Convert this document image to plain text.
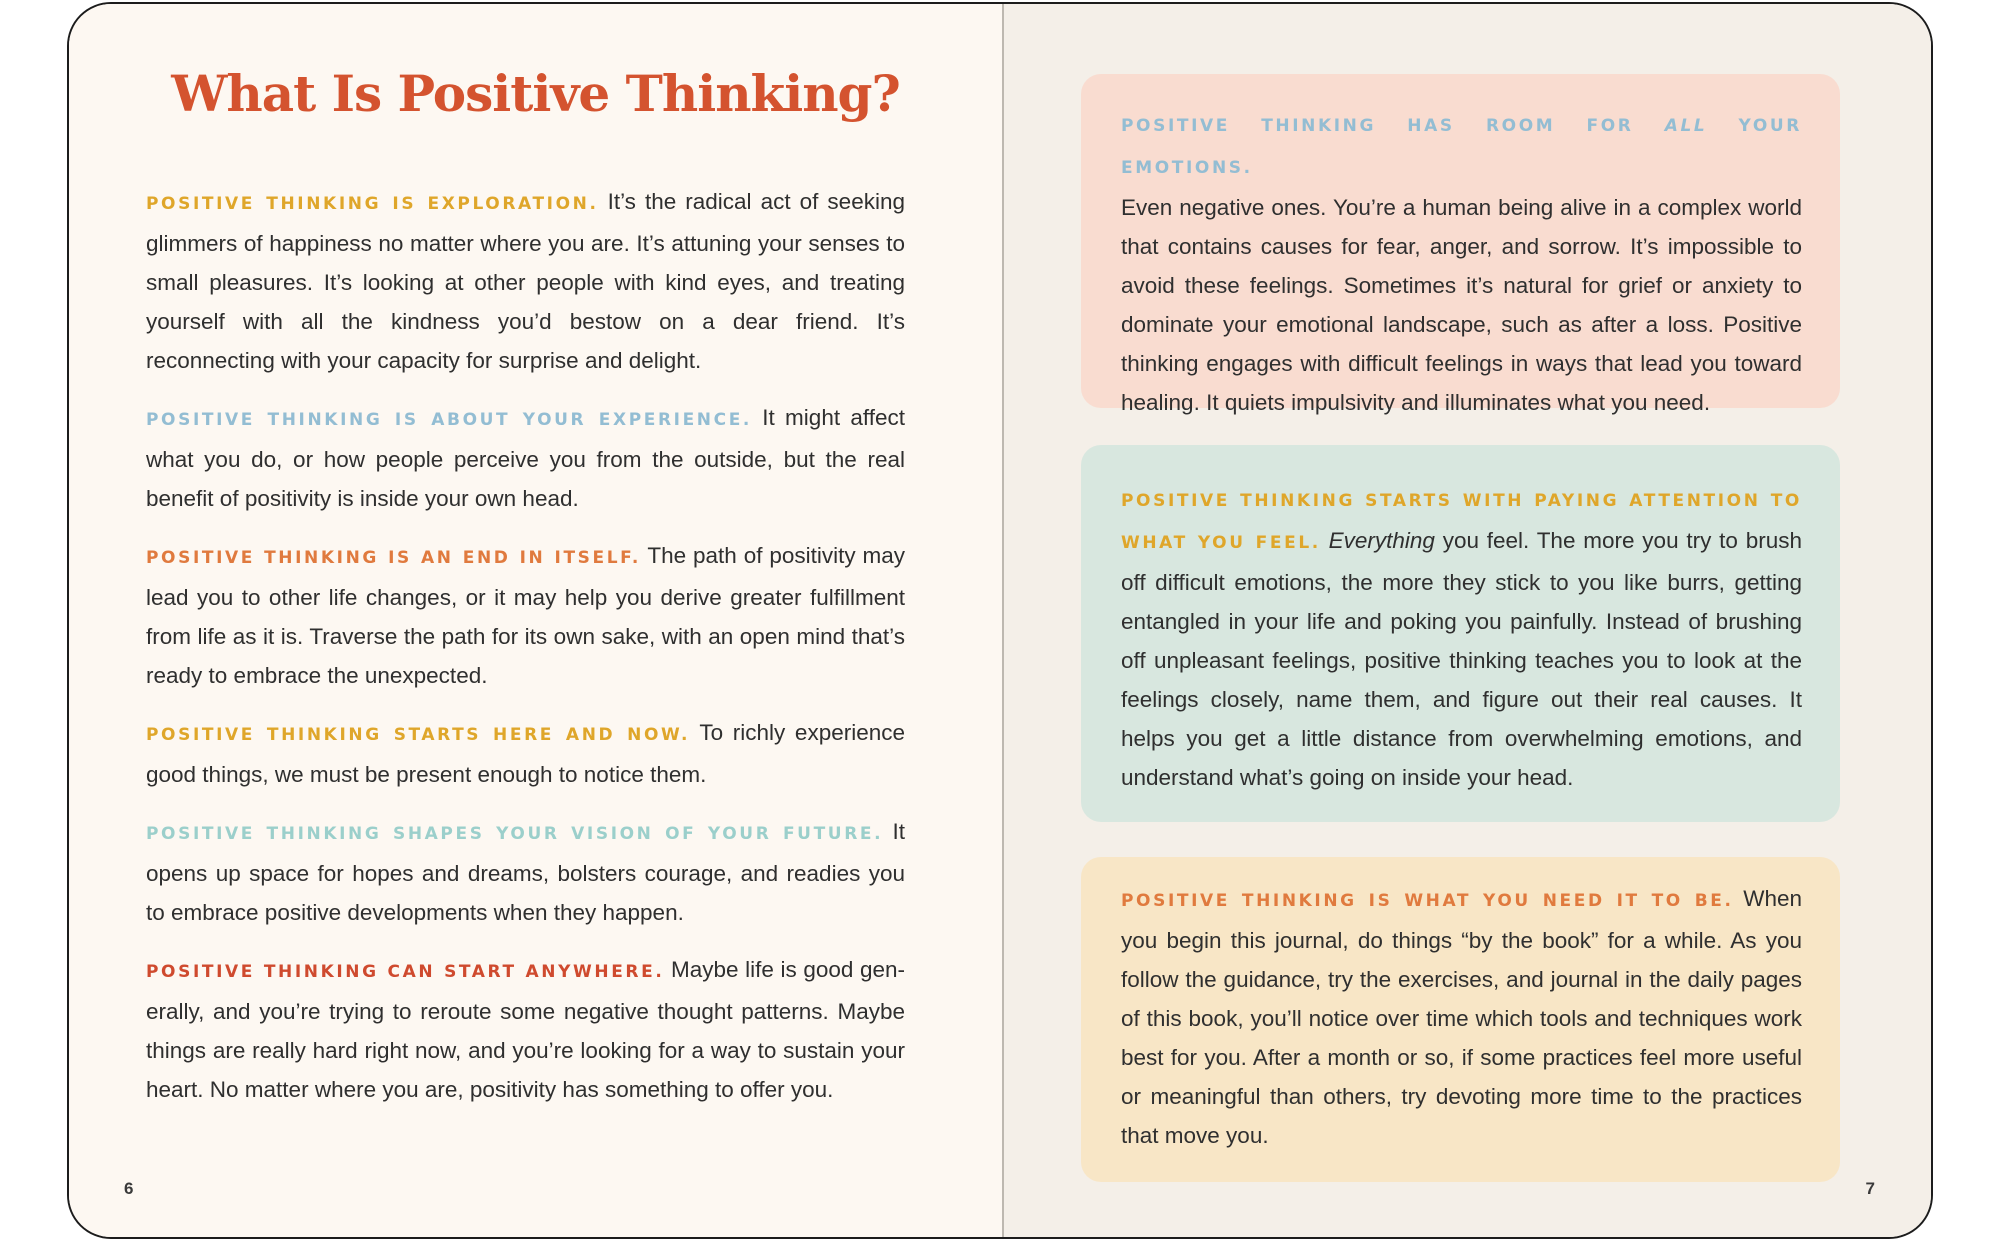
What Is Positive Thinking?

POSITIVE THINKING IS EXPLORATION. It’s the radical act of seeking glimmers of happiness no matter where you are. It’s attuning your senses to small pleasures. It’s looking at other people with kind eyes, and treating yourself with all the kindness you’d bestow on a dear friend. It’s reconnecting with your capacity for surprise and delight.

POSITIVE THINKING IS ABOUT YOUR EXPERIENCE. It might affect what you do, or how people perceive you from the outside, but the real benefit of positivity is inside your own head.

POSITIVE THINKING IS AN END IN ITSELF. The path of positivity may lead you to other life changes, or it may help you derive greater fulfillment from life as it is. Traverse the path for its own sake, with an open mind that’s ready to embrace the unexpected.

POSITIVE THINKING STARTS HERE AND NOW. To richly experience good things, we must be present enough to notice them.

POSITIVE THINKING SHAPES YOUR VISION OF YOUR FUTURE. It opens up space for hopes and dreams, bolsters courage, and readies you to embrace positive developments when they happen.

POSITIVE THINKING CAN START ANYWHERE. Maybe life is good gen-erally, and you’re trying to reroute some negative thought patterns. Maybe things are really hard right now, and you’re looking for a way to sustain your heart. No matter where you are, positivity has something to offer you.

6

POSITIVE THINKING HAS ROOM FOR ALL YOUR EMOTIONS.
Even negative ones. You’re a human being alive in a complex world that contains causes for fear, anger, and sorrow. It’s impossible to avoid these feelings. Sometimes it’s natural for grief or anxiety to dominate your emotional landscape, such as after a loss. Positive thinking engages with difficult feelings in ways that lead you toward healing. It quiets impulsivity and illuminates what you need.

POSITIVE THINKING STARTS WITH PAYING ATTENTION TO WHAT YOU FEEL. Everything you feel. The more you try to brush off difficult emotions, the more they stick to you like burrs, getting entangled in your life and poking you painfully. Instead of brushing off unpleasant feelings, positive thinking teaches you to look at the feelings closely, name them, and figure out their real causes. It helps you get a little distance from overwhelming emotions, and understand what’s going on inside your head.

POSITIVE THINKING IS WHAT YOU NEED IT TO BE. When you begin this journal, do things “by the book” for a while. As you follow the guidance, try the exercises, and journal in the daily pages of this book, you’ll notice over time which tools and techniques work best for you. After a month or so, if some practices feel more useful or meaningful than others, try devoting more time to the practices that move you.

7
